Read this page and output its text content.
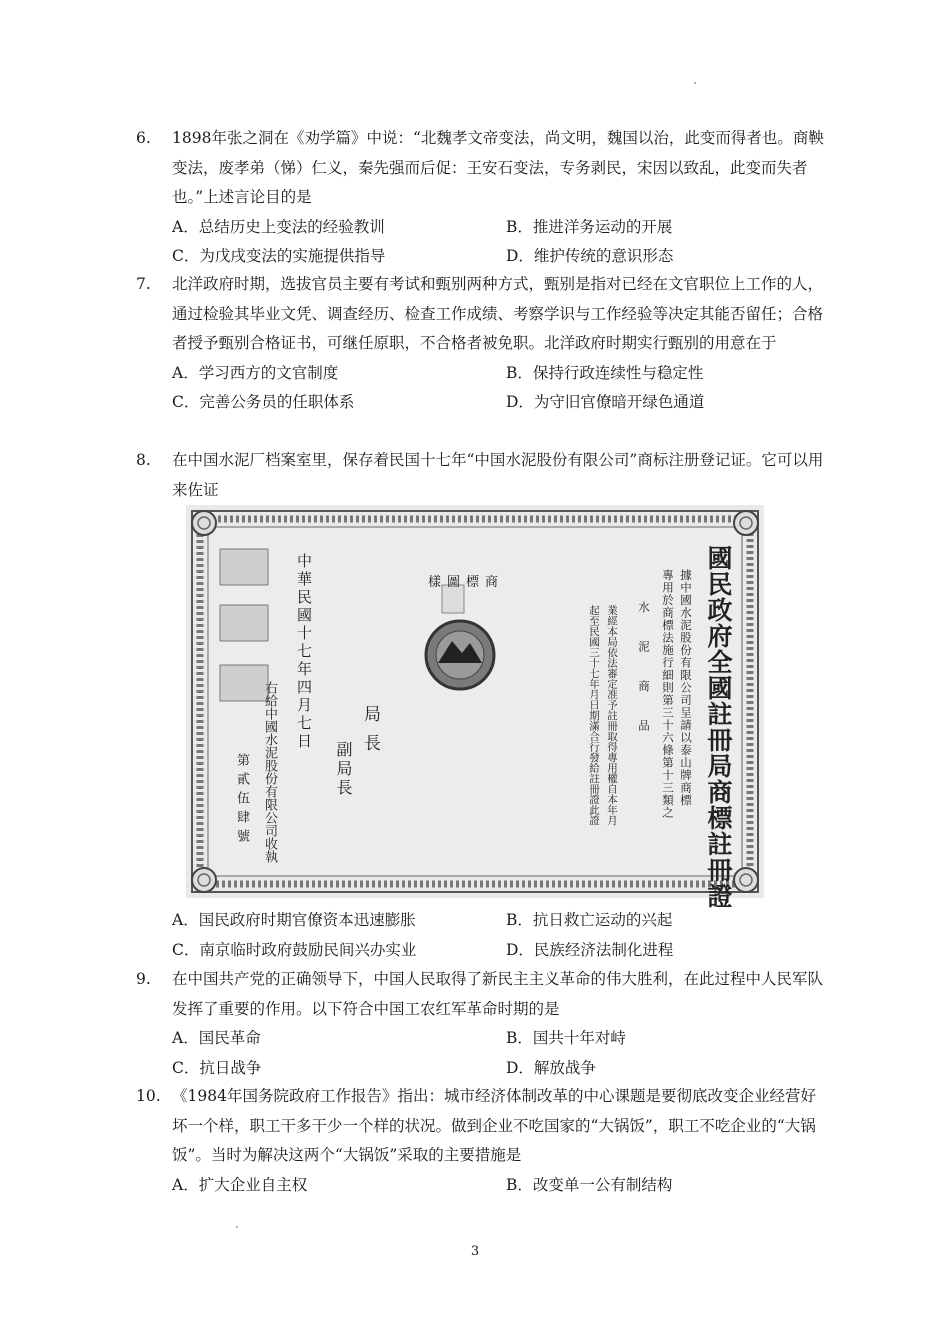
6. 1898年张之洞在《劝学篇》中说：“北魏孝文帝变法，尚文明，魏国以治，此变而得者也。商鞅变法，废孝弟（悌）仁义，秦先强而后促：王安石变法，专务剥民，宋因以致乱，此变而失者也。”上述言论目的是
A．总结历史上变法的经验教训	B．推进洋务运动的开展
C．为戊戌变法的实施提供指导	D．维护传统的意识形态
7. 北洋政府时期，选拔官员主要有考试和甄别两种方式，甄别是指对已经在文官职位上工作的人，通过检验其毕业文凭、调查经历、检查工作成绩、考察学识与工作经验等决定其能否留任；合格者授予甄别合格证书，可继任原职，不合格者被免职。北洋政府时期实行甄别的用意在于
A．学习西方的文官制度	B．保持行政连续性与稳定性
C．完善公务员的任职体系	D．为守旧官僚暗开绿色通道
8. 在中国水泥厂档案室里，保存着民国十七年“中国水泥股份有限公司”商标注册登记证。它可以用来佐证
國民政府全國註冊局商標註冊證
據中國水泥股份有限公司呈請以泰山牌商標
專用於商標法施行細則第三十六條第十三類之
水泥商品
業經本局依法審定准予註冊取得專用權自本年月
起至民國三十七年月日期滿合行發給註冊證此證
商標圖樣
中華民國十七年四月七日	局長
副局長
右給中國水泥股份有限公司收執
第貳伍肆號
A．国民政府时期官僚资本迅速膨胀	B．抗日救亡运动的兴起
C．南京临时政府鼓励民间兴办实业	D．民族经济法制化进程
9. 在中国共产党的正确领导下，中国人民取得了新民主主义革命的伟大胜利，在此过程中人民军队发挥了重要的作用。以下符合中国工农红军革命时期的是
A．国民革命	B．国共十年对峙
C．抗日战争	D．解放战争
10. 《1984年国务院政府工作报告》指出：城市经济体制改革的中心课题是要彻底改变企业经营好坏一个样，职工干多干少一个样的状况。做到企业不吃国家的“大锅饭”，职工不吃企业的“大锅饭”。当时为解决这两个“大锅饭”采取的主要措施是
A．扩大企业自主权	B．改变单一公有制结构
3
